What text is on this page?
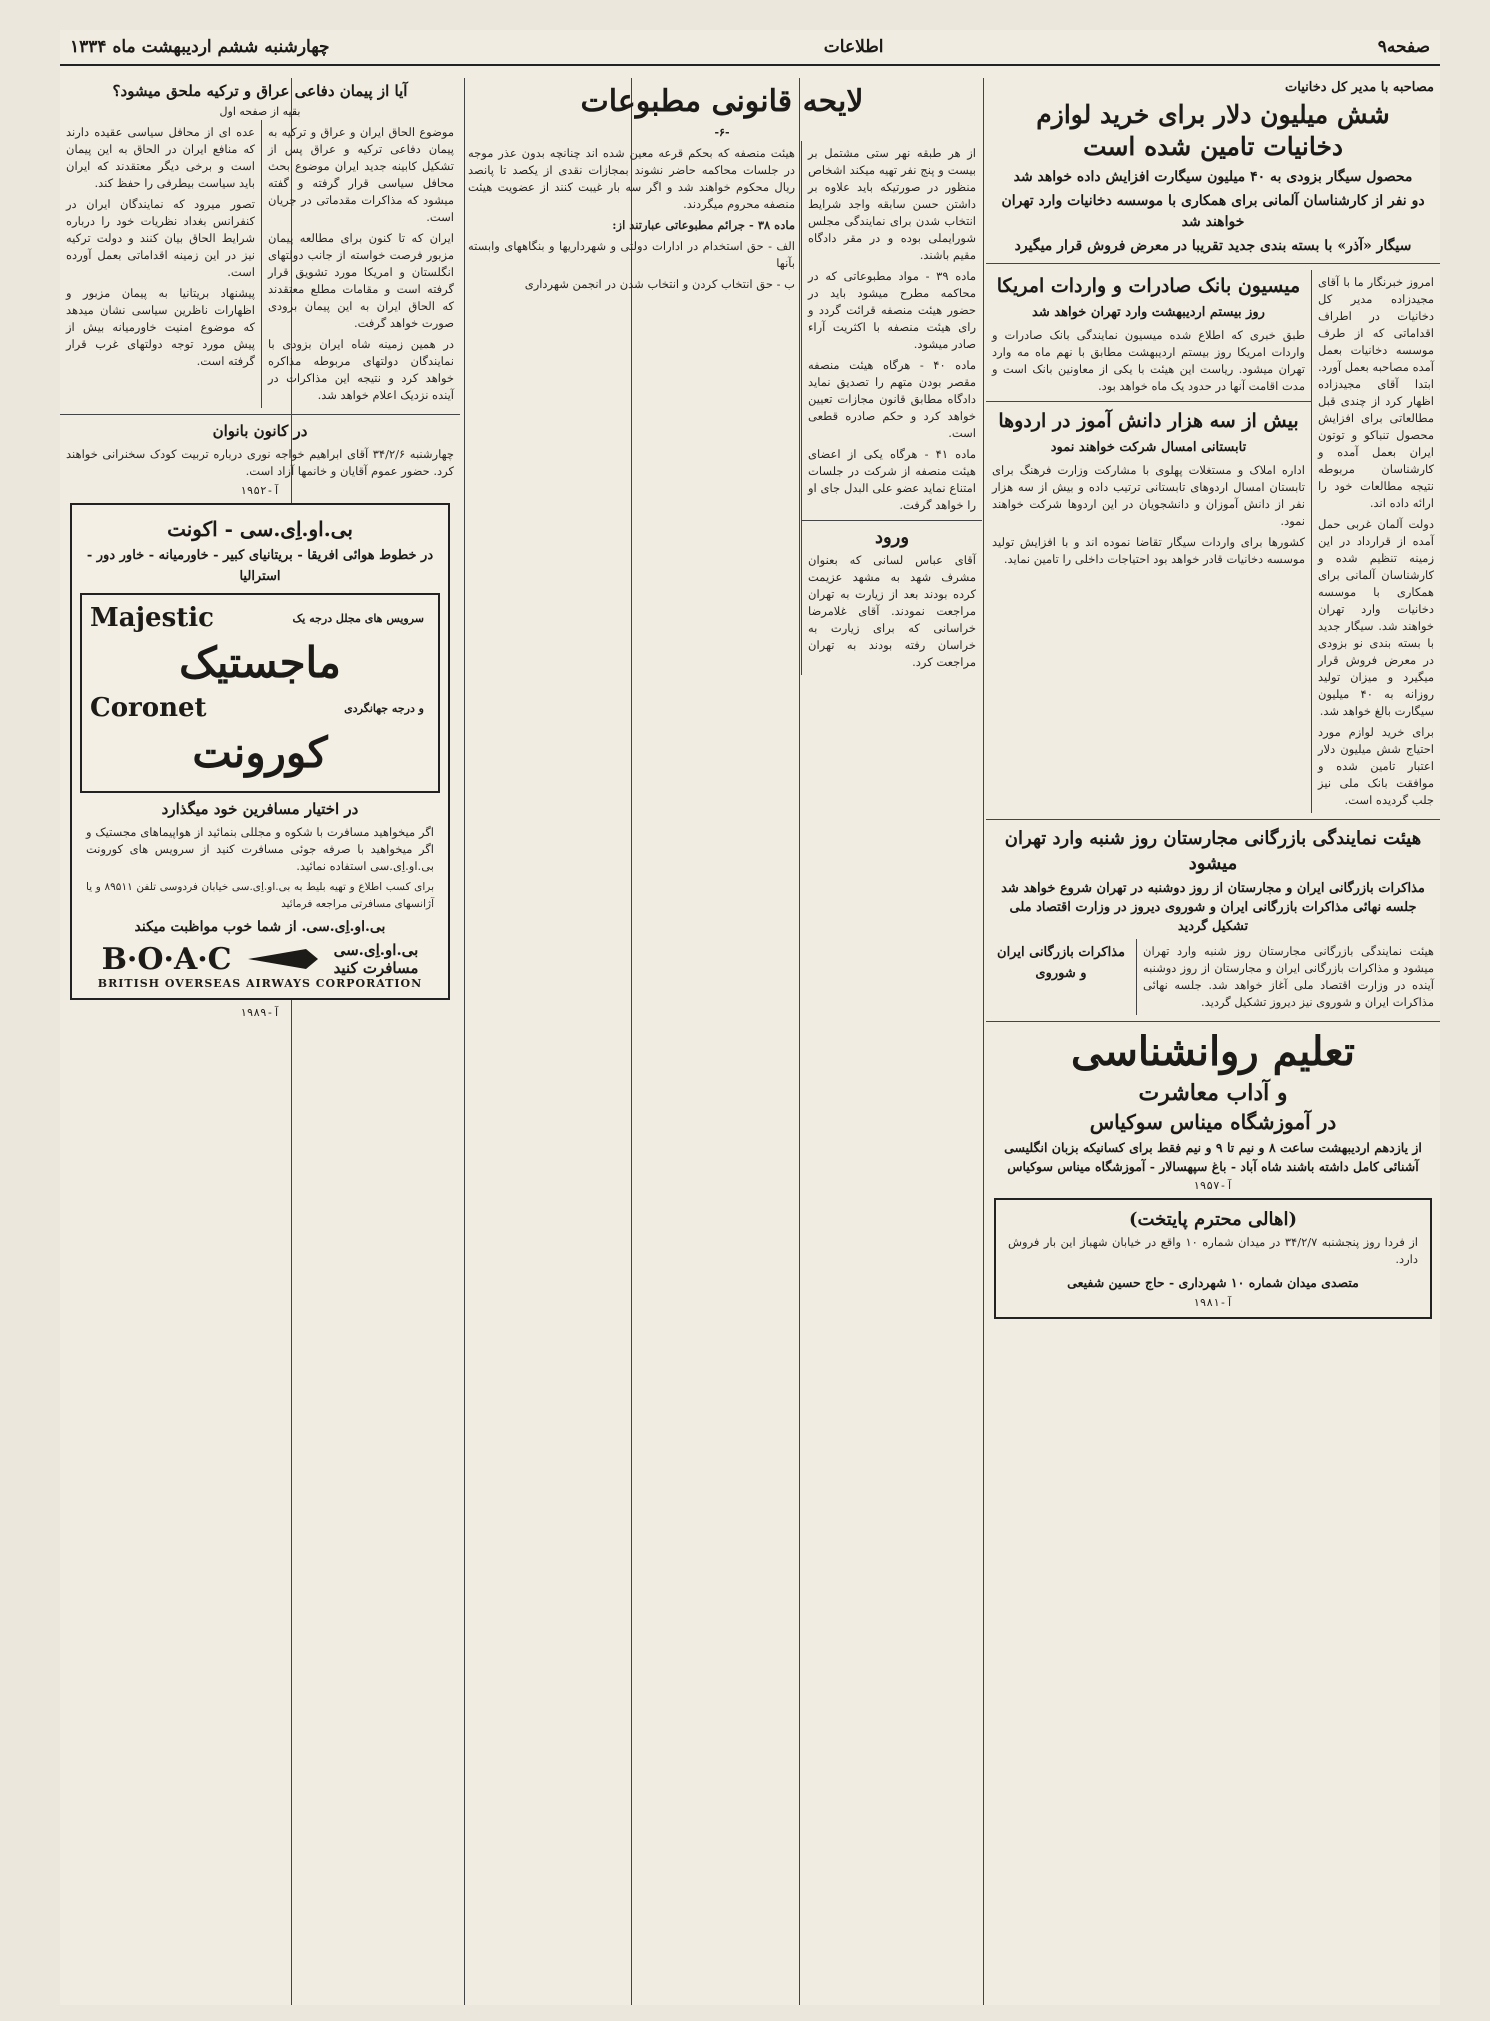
صفحه۹
اطلاعات
چهارشنبه ششم اردیبهشت ماه ۱۳۳۴
مصاحبه با مدیر کل دخانیات
شش میلیون دلار برای خرید لوازم دخانیات تامین شده است
محصول سیگار بزودی به ۴۰ میلیون سیگارت افزایش داده خواهد شد
دو نفر از کارشناسان آلمانی برای همکاری با موسسه دخانیات وارد تهران خواهند شد
سیگار «آذر» با بسته بندی جدید تقریبا در معرض فروش قرار میگیرد
امروز خبرنگار ما با آقای مجیدزاده مدیر کل دخانیات در اطراف اقداماتی که از طرف موسسه دخانیات بعمل آمده مصاحبه بعمل آورد. ابتدا آقای مجیدزاده اظهار کرد از چندی قبل مطالعاتی برای افزایش محصول تنباکو و توتون ایران بعمل آمده و کارشناسان مربوطه نتیجه مطالعات خود را ارائه داده اند.
دولت آلمان غربی حمل آمده از قرارداد در این زمینه تنظیم شده و کارشناسان آلمانی برای همکاری با موسسه دخانیات وارد تهران خواهند شد. سیگار جدید با بسته بندی نو بزودی در معرض فروش قرار میگیرد و میزان تولید روزانه به ۴۰ میلیون سیگارت بالغ خواهد شد.
برای خرید لوازم مورد احتیاج شش میلیون دلار اعتبار تامین شده و موافقت بانک ملی نیز جلب گردیده است.
میسیون بانک صادرات و واردات امریکا
روز بیستم اردیبهشت وارد تهران خواهد شد
طبق خبری که اطلاع شده میسیون نمایندگی بانک صادرات و واردات امریکا روز بیستم اردیبهشت مطابق با نهم ماه مه وارد تهران میشود. ریاست این هیئت با یکی از معاونین بانک است و مدت اقامت آنها در حدود یک ماه خواهد بود.
بیش از سه هزار دانش آموز در اردوها
تابستانی امسال شرکت خواهند نمود
اداره املاک و مستغلات پهلوی با مشارکت وزارت فرهنگ برای تابستان امسال اردوهای تابستانی ترتیب داده و بیش از سه هزار نفر از دانش آموزان و دانشجویان در این اردوها شرکت خواهند نمود.
کشورها برای واردات سیگار تقاضا نموده اند و با افزایش تولید موسسه دخانیات قادر خواهد بود احتیاجات داخلی را تامین نماید.
هیئت نمایندگی بازرگانی مجارستان روز شنبه وارد تهران میشود
مذاکرات بازرگانی ایران و مجارستان از روز دوشنبه در تهران شروع خواهد شد جلسه نهائی مذاکرات بازرگانی ایران و شوروی دیروز در وزارت اقتصاد ملی تشکیل گردید
هیئت نمایندگی بازرگانی مجارستان روز شنبه وارد تهران میشود و مذاکرات بازرگانی ایران و مجارستان از روز دوشنبه آینده در وزارت اقتصاد ملی آغاز خواهد شد. جلسه نهائی مذاکرات ایران و شوروی نیز دیروز تشکیل گردید.
مذاکرات بازرگانی ایران و شوروی
تعلیم روانشناسی
و آداب معاشرت
در آموزشگاه میناس سوکیاس
از یازدهم اردیبهشت ساعت ۸ و نیم تا ۹ و نیم فقط برای کسانیکه بزبان انگلیسی آشنائی کامل داشته باشند شاه آباد - باغ سپهسالار - آموزشگاه میناس سوکیاس
آ-۱۹۵۷
(اهالی محترم پایتخت)
از فردا روز پنجشنبه ۳۴/۲/۷ در میدان شماره ۱۰ واقع در خیابان شهباز این بار فروش دارد.
متصدی میدان شماره ۱۰ شهرداری - حاج حسین شفیعی
آ-۱۹۸۱
لایحه قانونی مطبوعات
-۶-
از هر طبقه نهر ستی مشتمل بر بیست و پنج نفر تهیه میکند اشخاص منظور در صورتیکه باید علاوه بر داشتن حسن سابقه واجد شرایط انتخاب شدن برای نمایندگی مجلس شورایملی بوده و در مقر دادگاه مقیم باشند.
ماده ۳۹ - مواد مطبوعاتی که در محاکمه مطرح میشود باید در حضور هیئت منصفه قرائت گردد و رای هیئت منصفه با اکثریت آراء صادر میشود.
ماده ۴۰ - هرگاه هیئت منصفه مقصر بودن متهم را تصدیق نماید دادگاه مطابق قانون مجازات تعیین خواهد کرد و حکم صادره قطعی است.
ماده ۴۱ - هرگاه یکی از اعضای هیئت منصفه از شرکت در جلسات امتناع نماید عضو علی البدل جای او را خواهد گرفت.
ورود
آقای عباس لسانی که بعنوان مشرف شهد به مشهد عزیمت کرده بودند بعد از زیارت به تهران مراجعت نمودند. آقای غلامرضا خراسانی که برای زیارت به خراسان رفته بودند به تهران مراجعت کرد.
هیئت منصفه که بحکم قرعه معین شده اند چنانچه بدون عذر موجه در جلسات محاکمه حاضر نشوند بمجازات نقدی از یکصد تا پانصد ریال محکوم خواهند شد و اگر سه بار غیبت کنند از عضویت هیئت منصفه محروم میگردند.
ماده ۳۸ - جرائم مطبوعاتی عبارتند از:
الف - حق استخدام در ادارات دولتی و شهرداریها و بنگاههای وابسته بآنها
ب - حق انتخاب کردن و انتخاب شدن در انجمن شهرداری
آیا از پیمان دفاعی عراق و ترکیه ملحق میشود؟
بقیه از صفحه اول
موضوع الحاق ایران و عراق و ترکیه به پیمان دفاعی ترکیه و عراق پس از تشکیل کابینه جدید ایران موضوع بحث محافل سیاسی قرار گرفته و گفته میشود که مذاکرات مقدماتی در جریان است.
ایران که تا کنون برای مطالعه پیمان مزبور فرصت خواسته از جانب دولتهای انگلستان و امریکا مورد تشویق قرار گرفته است و مقامات مطلع معتقدند که الحاق ایران به این پیمان بزودی صورت خواهد گرفت.
در همین زمینه شاه ایران بزودی با نمایندگان دولتهای مربوطه مذاکره خواهد کرد و نتیجه این مذاکرات در آینده نزدیک اعلام خواهد شد.
عده ای از محافل سیاسی عقیده دارند که منافع ایران در الحاق به این پیمان است و برخی دیگر معتقدند که ایران باید سیاست بیطرفی را حفظ کند.
تصور میرود که نمایندگان ایران در کنفرانس بغداد نظریات خود را درباره شرایط الحاق بیان کنند و دولت ترکیه نیز در این زمینه اقداماتی بعمل آورده است.
پیشنهاد بریتانیا به پیمان مزبور و اظهارات ناظرین سیاسی نشان میدهد که موضوع امنیت خاورمیانه بیش از پیش مورد توجه دولتهای غرب قرار گرفته است.
در کانون بانوان
چهارشنبه ۳۴/۲/۶ آقای ابراهیم خواجه نوری درباره تربیت کودک سخنرانی خواهند کرد. حضور عموم آقایان و خانمها آزاد است.
آ-۱۹۵۲
بی.او.اِی.سی - اکونت
در خطوط هوائی افریقا - بریتانیای کبیر - خاورمیانه - خاور دور - استرالیا
سرویس های مجلل درجه یک
Majestic
ماجستیک
و درجه جهانگردی
Coronet
کورونت
در اختیار مسافرین خود میگذارد
اگر میخواهید مسافرت با شکوه و مجللی بنمائید از هواپیماهای مجستیک و اگر میخواهید با صرفه جوئی مسافرت کنید از سرویس های کورونت بی.او.اِی.سی استفاده نمائید.
برای کسب اطلاع و تهیه بلیط به بی.او.اِی.سی خیابان فردوسی تلفن ۸۹۵۱۱ و یا آژانسهای مسافرتی مراجعه فرمائید
بی.او.اِی.سی. از شما خوب مواظبت میکند
B·O·A·C	بی.او.اِی.سی
مسافرت کنید
BRITISH OVERSEAS AIRWAYS CORPORATION
آ-۱۹۸۹
